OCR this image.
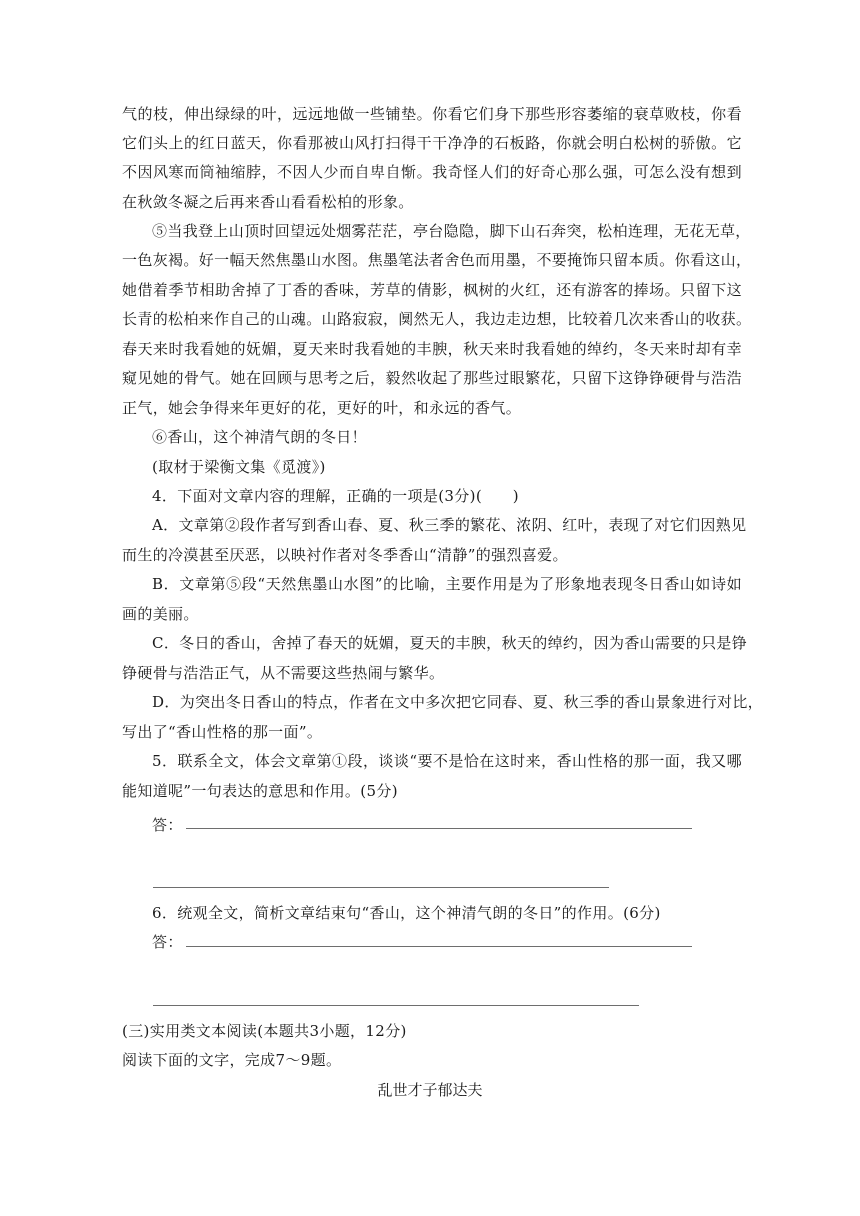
气的枝，伸出绿绿的叶，远远地做一些铺垫。你看它们身下那些形容萎缩的衰草败枝，你看
它们头上的红日蓝天，你看那被山风打扫得干干净净的石板路，你就会明白松树的骄傲。它
不因风寒而筒袖缩脖，不因人少而自卑自惭。我奇怪人们的好奇心那么强，可怎么没有想到
在秋敛冬凝之后再来香山看看松柏的形象。
⑤当我登上山顶时回望远处烟雾茫茫，亭台隐隐，脚下山石奔突，松柏连理，无花无草，
一色灰褐。好一幅天然焦墨山水图。焦墨笔法者舍色而用墨，不要掩饰只留本质。你看这山，
她借着季节相助舍掉了丁香的香味，芳草的倩影，枫树的火红，还有游客的捧场。只留下这
长青的松柏来作自己的山魂。山路寂寂，阒然无人，我边走边想，比较着几次来香山的收获。
春天来时我看她的妩媚，夏天来时我看她的丰腴，秋天来时我看她的绰约，冬天来时却有幸
窥见她的骨气。她在回顾与思考之后，毅然收起了那些过眼繁花，只留下这铮铮硬骨与浩浩
正气，她会争得来年更好的花，更好的叶，和永远的香气。
⑥香山，这个神清气朗的冬日！
(取材于梁衡文集《觅渡》)
4．下面对文章内容的理解，正确的一项是(3分)(　　)
A．文章第②段作者写到香山春、夏、秋三季的繁花、浓阴、红叶，表现了对它们因熟见
而生的冷漠甚至厌恶，以映衬作者对冬季香山“清静”的强烈喜爱。
B．文章第⑤段“天然焦墨山水图”的比喻，主要作用是为了形象地表现冬日香山如诗如
画的美丽。
C．冬日的香山，舍掉了春天的妩媚，夏天的丰腴，秋天的绰约，因为香山需要的只是铮
铮硬骨与浩浩正气，从不需要这些热闹与繁华。
D．为突出冬日香山的特点，作者在文中多次把它同春、夏、秋三季的香山景象进行对比，
写出了“香山性格的那一面”。
5．联系全文，体会文章第①段，谈谈“要不是恰在这时来，香山性格的那一面，我又哪
能知道呢”一句表达的意思和作用。(5分)
答：
6．统观全文，简析文章结束句“香山，这个神清气朗的冬日”的作用。(6分)
答：
(三)实用类文本阅读(本题共3小题，12分)
阅读下面的文字，完成7～9题。
乱世才子郁达夫
